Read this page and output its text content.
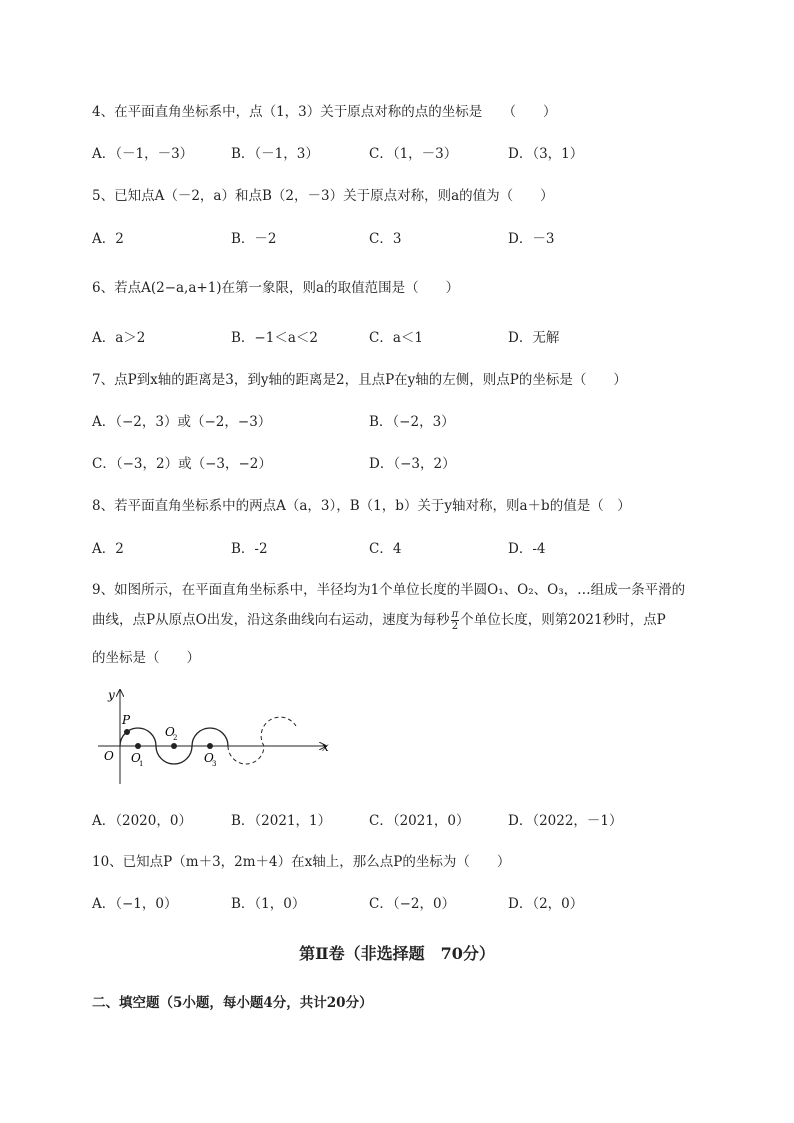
4、在平面直角坐标系中，点（1，3）关于原点对称的点的坐标是　　（　　）
A．（－1，－3）	B．（－1，3）	C．（1，－3）	D．（3，1）
5、已知点A（－2，a）和点B（2，－3）关于原点对称，则a的值为（　　）
A．2	B．－2	C．3	D．－3
6、若点A(2−a,a+1)在第一象限，则a的取值范围是（　　）
A．a＞2	B．−1＜a＜2	C．a＜1	D．无解
7、点P到x轴的距离是3，到y轴的距离是2，且点P在y轴的左侧，则点P的坐标是（　　）
A．（−2，3）或（−2，−3）	B．（−2，3）
C．（−3，2）或（−3，−2）	D．（−3，2）
8、若平面直角坐标系中的两点A（a，3），B（1，b）关于y轴对称，则a＋b的值是（　）
A．2	B．-2	C．4	D．-4
9、如图所示，在平面直角坐标系中，半径均为1个单位长度的半圆O₁、O₂、O₃，…组成一条平滑的
曲线，点P从原点O出发，沿这条曲线向右运动，速度为每秒 $\frac{\pi}{2}$ 个单位长度，则第2021秒时，点P
的坐标是（　　）
y
x
O
P
O
1
O
2
O
3
A．（2020，0）	B．（2021，1）	C．（2021，0）	D．（2022，－1）
10、已知点P（m＋3，2m＋4）在x轴上，那么点P的坐标为（　　）
A．（−1，0）	B．（1，0）	C．（−2，0）	D．（2，0）
第Ⅱ卷（非选择题　70分）
二、填空题（5小题，每小题4分，共计20分）
